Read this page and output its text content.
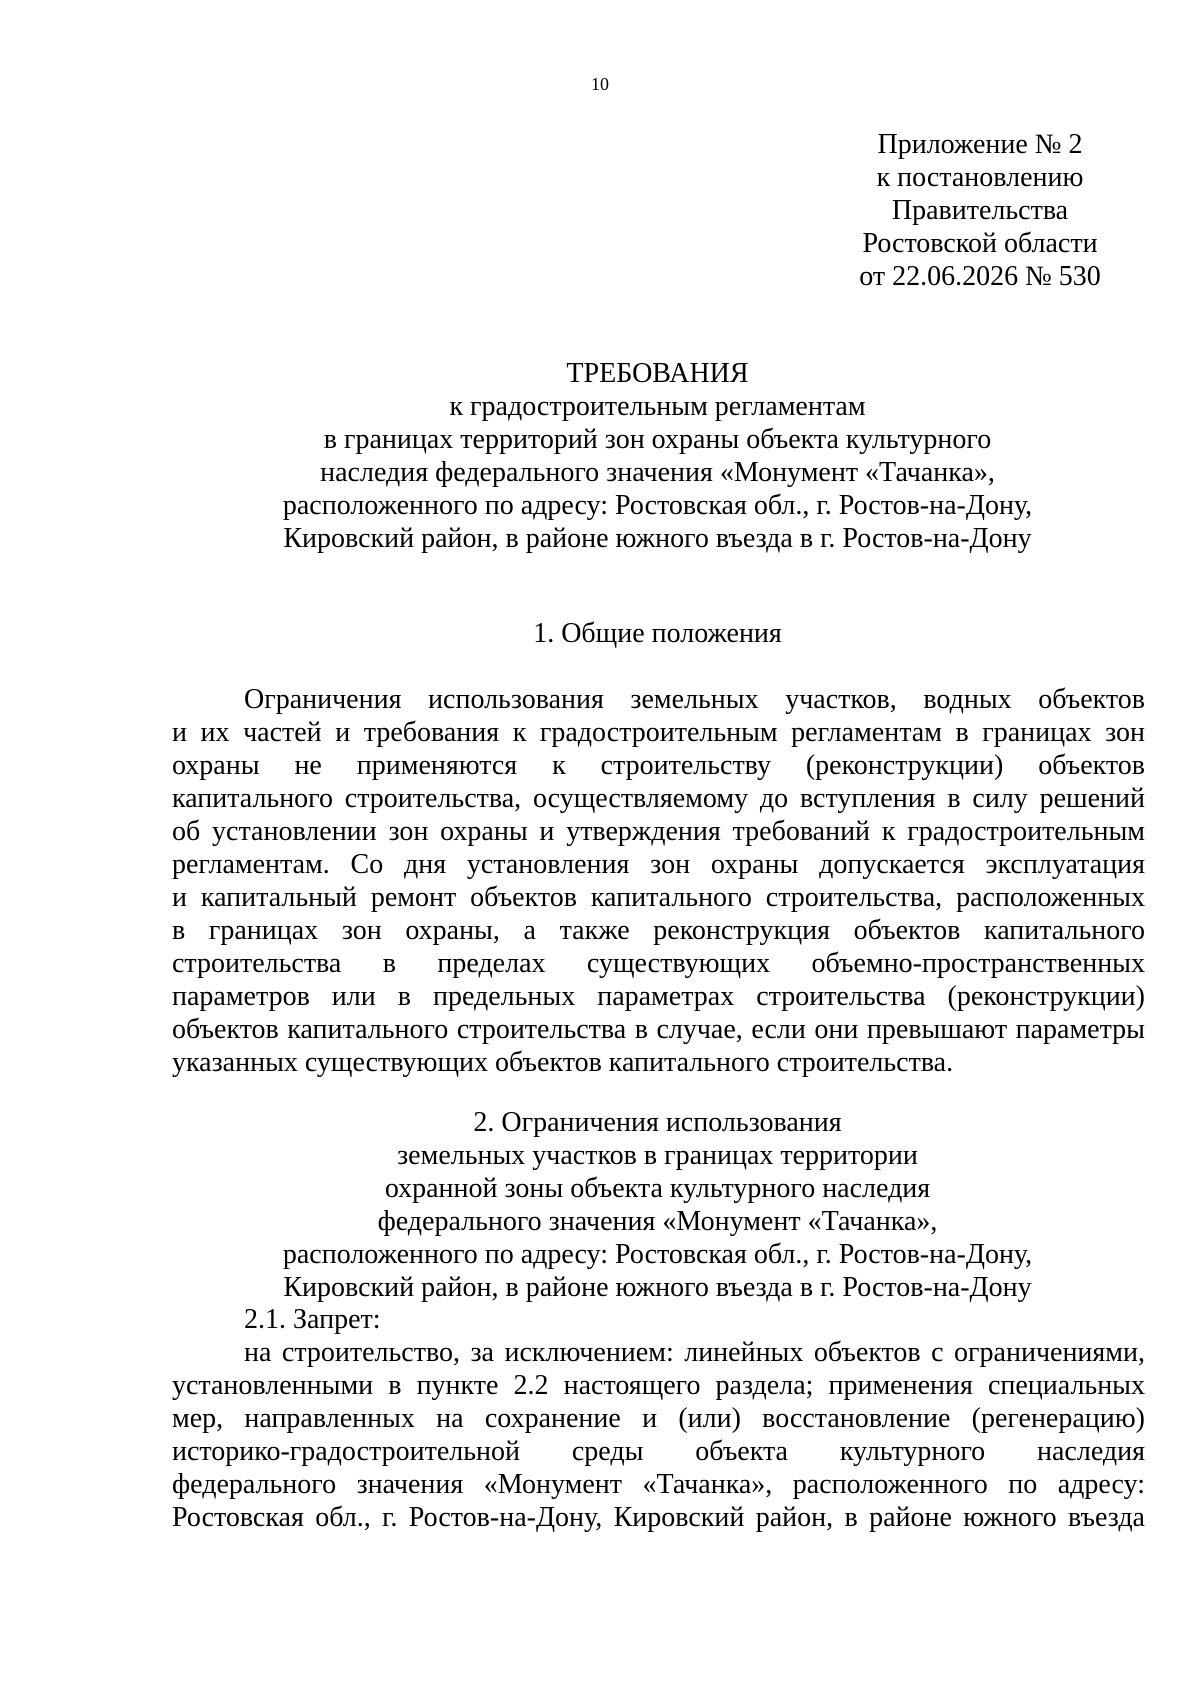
10
Приложение № 2
к постановлению
Правительства
Ростовской области
от 22.06.2026 № 530
ТРЕБОВАНИЯ
к градостроительным регламентам
в границах территорий зон охраны объекта культурного
наследия федерального значения «Монумент «Тачанка»,
расположенного по адресу: Ростовская обл., г. Ростов-на-Дону,
Кировский район, в районе южного въезда в г. Ростов-на-Дону
1. Общие положения
Ограничения использования земельных участков, водных объектов
и их частей и требования к градостроительным регламентам в границах зон
охраны не применяются к строительству (реконструкции) объектов
капитального строительства, осуществляемому до вступления в силу решений
об установлении зон охраны и утверждения требований к градостроительным
регламентам. Со дня установления зон охраны допускается эксплуатация
и капитальный ремонт объектов капитального строительства, расположенных
в границах зон охраны, а также реконструкция объектов капитального
строительства в пределах существующих объемно-пространственных
параметров или в предельных параметрах строительства (реконструкции)
объектов капитального строительства в случае, если они превышают параметры
указанных существующих объектов капитального строительства.
2. Ограничения использования
земельных участков в границах территории
охранной зоны объекта культурного наследия
федерального значения «Монумент «Тачанка»,
расположенного по адресу: Ростовская обл., г. Ростов-на-Дону,
Кировский район, в районе южного въезда в г. Ростов-на-Дону
2.1. Запрет:
на строительство, за исключением: линейных объектов с ограничениями,
установленными в пункте 2.2 настоящего раздела; применения специальных
мер, направленных на сохранение и (или) восстановление (регенерацию)
историко-градостроительной среды объекта культурного наследия
федерального значения «Монумент «Тачанка», расположенного по адресу:
Ростовская обл., г. Ростов-на-Дону, Кировский район, в районе южного въезда
